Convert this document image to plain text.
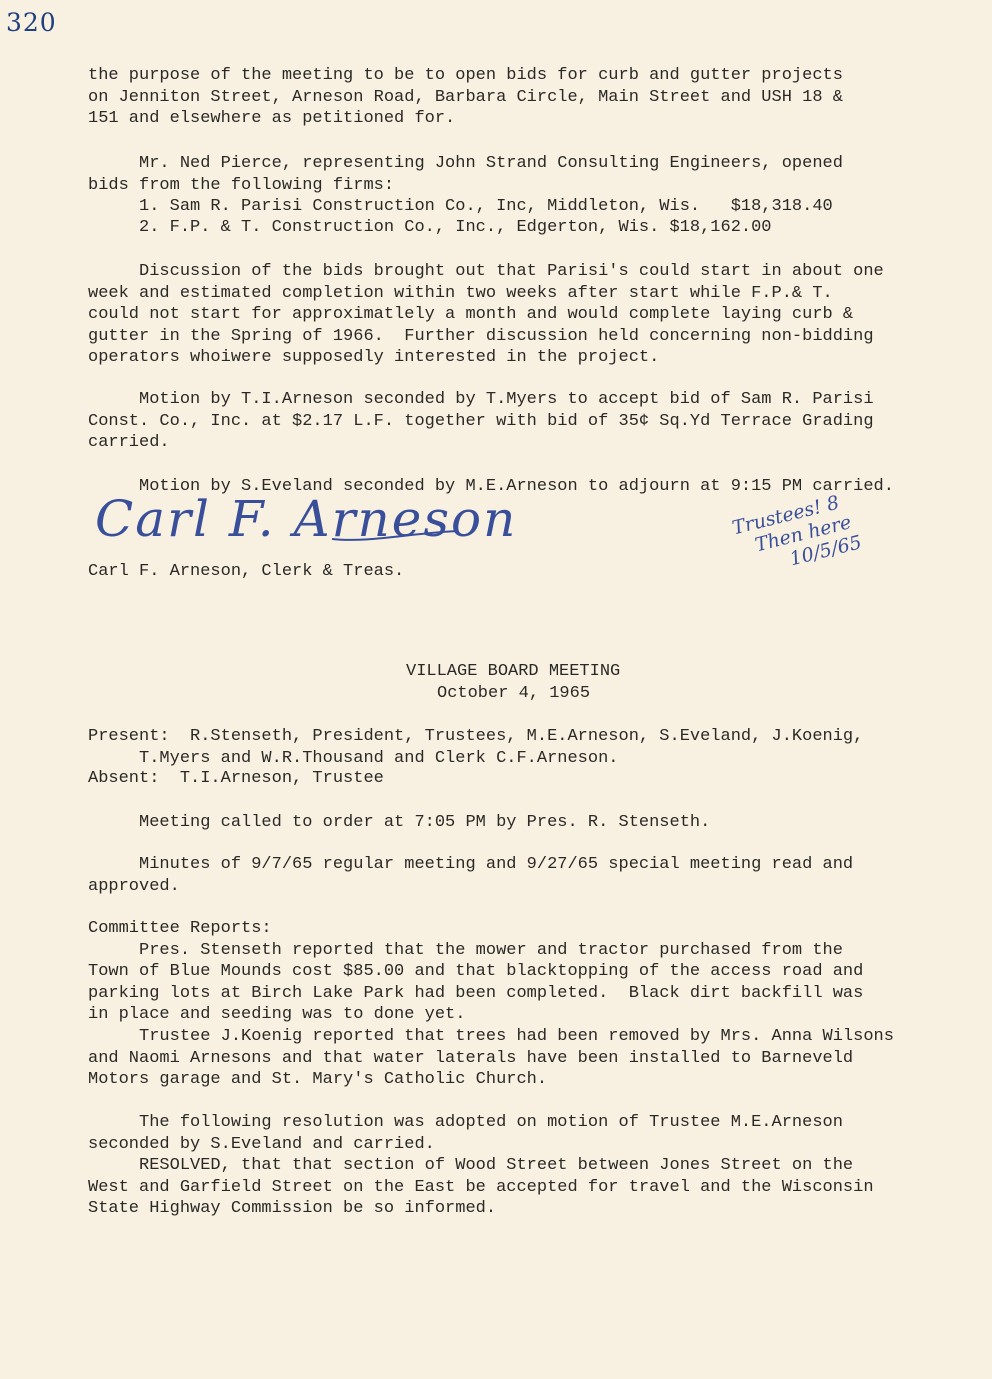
320

the purpose of the meeting to be to open bids for curb and gutter projects
on Jenniton Street, Arneson Road, Barbara Circle, Main Street and USH 18 &
151 and elsewhere as petitioned for.

Mr. Ned Pierce, representing John Strand Consulting Engineers, opened
bids from the following firms:

1. Sam R. Parisi Construction Co., Inc, Middleton, Wis.   $18,318.40

2. F.P. & T. Construction Co., Inc., Edgerton, Wis. $18,162.00

Discussion of the bids brought out that Parisi's could start in about one
week and estimated completion within two weeks after start while F.P.& T.
could not start for approximatlely a month and would complete laying curb &
gutter in the Spring of 1966.  Further discussion held concerning non-bidding
operators whoiwere supposedly interested in the project.

Motion by T.I.Arneson seconded by T.Myers to accept bid of Sam R. Parisi
Const. Co., Inc. at $2.17 L.F. together with bid of 35¢ Sq.Yd Terrace Grading
carried.

Motion by S.Eveland seconded by M.E.Arneson to adjourn at 9:15 PM carried.

Carl F. Arneson

Carl F. Arneson, Clerk & Treas.

Trustees! 8
Then here
10/5/65

VILLAGE BOARD MEETING

October 4, 1965

Present:  R.Stenseth, President, Trustees, M.E.Arneson, S.Eveland, J.Koenig,
T.Myers and W.R.Thousand and Clerk C.F.Arneson.

Absent:  T.I.Arneson, Trustee

Meeting called to order at 7:05 PM by Pres. R. Stenseth.

Minutes of 9/7/65 regular meeting and 9/27/65 special meeting read and
approved.

Committee Reports:
Pres. Stenseth reported that the mower and tractor purchased from the
Town of Blue Mounds cost $85.00 and that blacktopping of the access road and
parking lots at Birch Lake Park had been completed.  Black dirt backfill was
in place and seeding was to done yet.
Trustee J.Koenig reported that trees had been removed by Mrs. Anna Wilsons
and Naomi Arnesons and that water laterals have been installed to Barneveld
Motors garage and St. Mary's Catholic Church.

The following resolution was adopted on motion of Trustee M.E.Arneson
seconded by S.Eveland and carried.
RESOLVED, that that section of Wood Street between Jones Street on the
West and Garfield Street on the East be accepted for travel and the Wisconsin
State Highway Commission be so informed.
